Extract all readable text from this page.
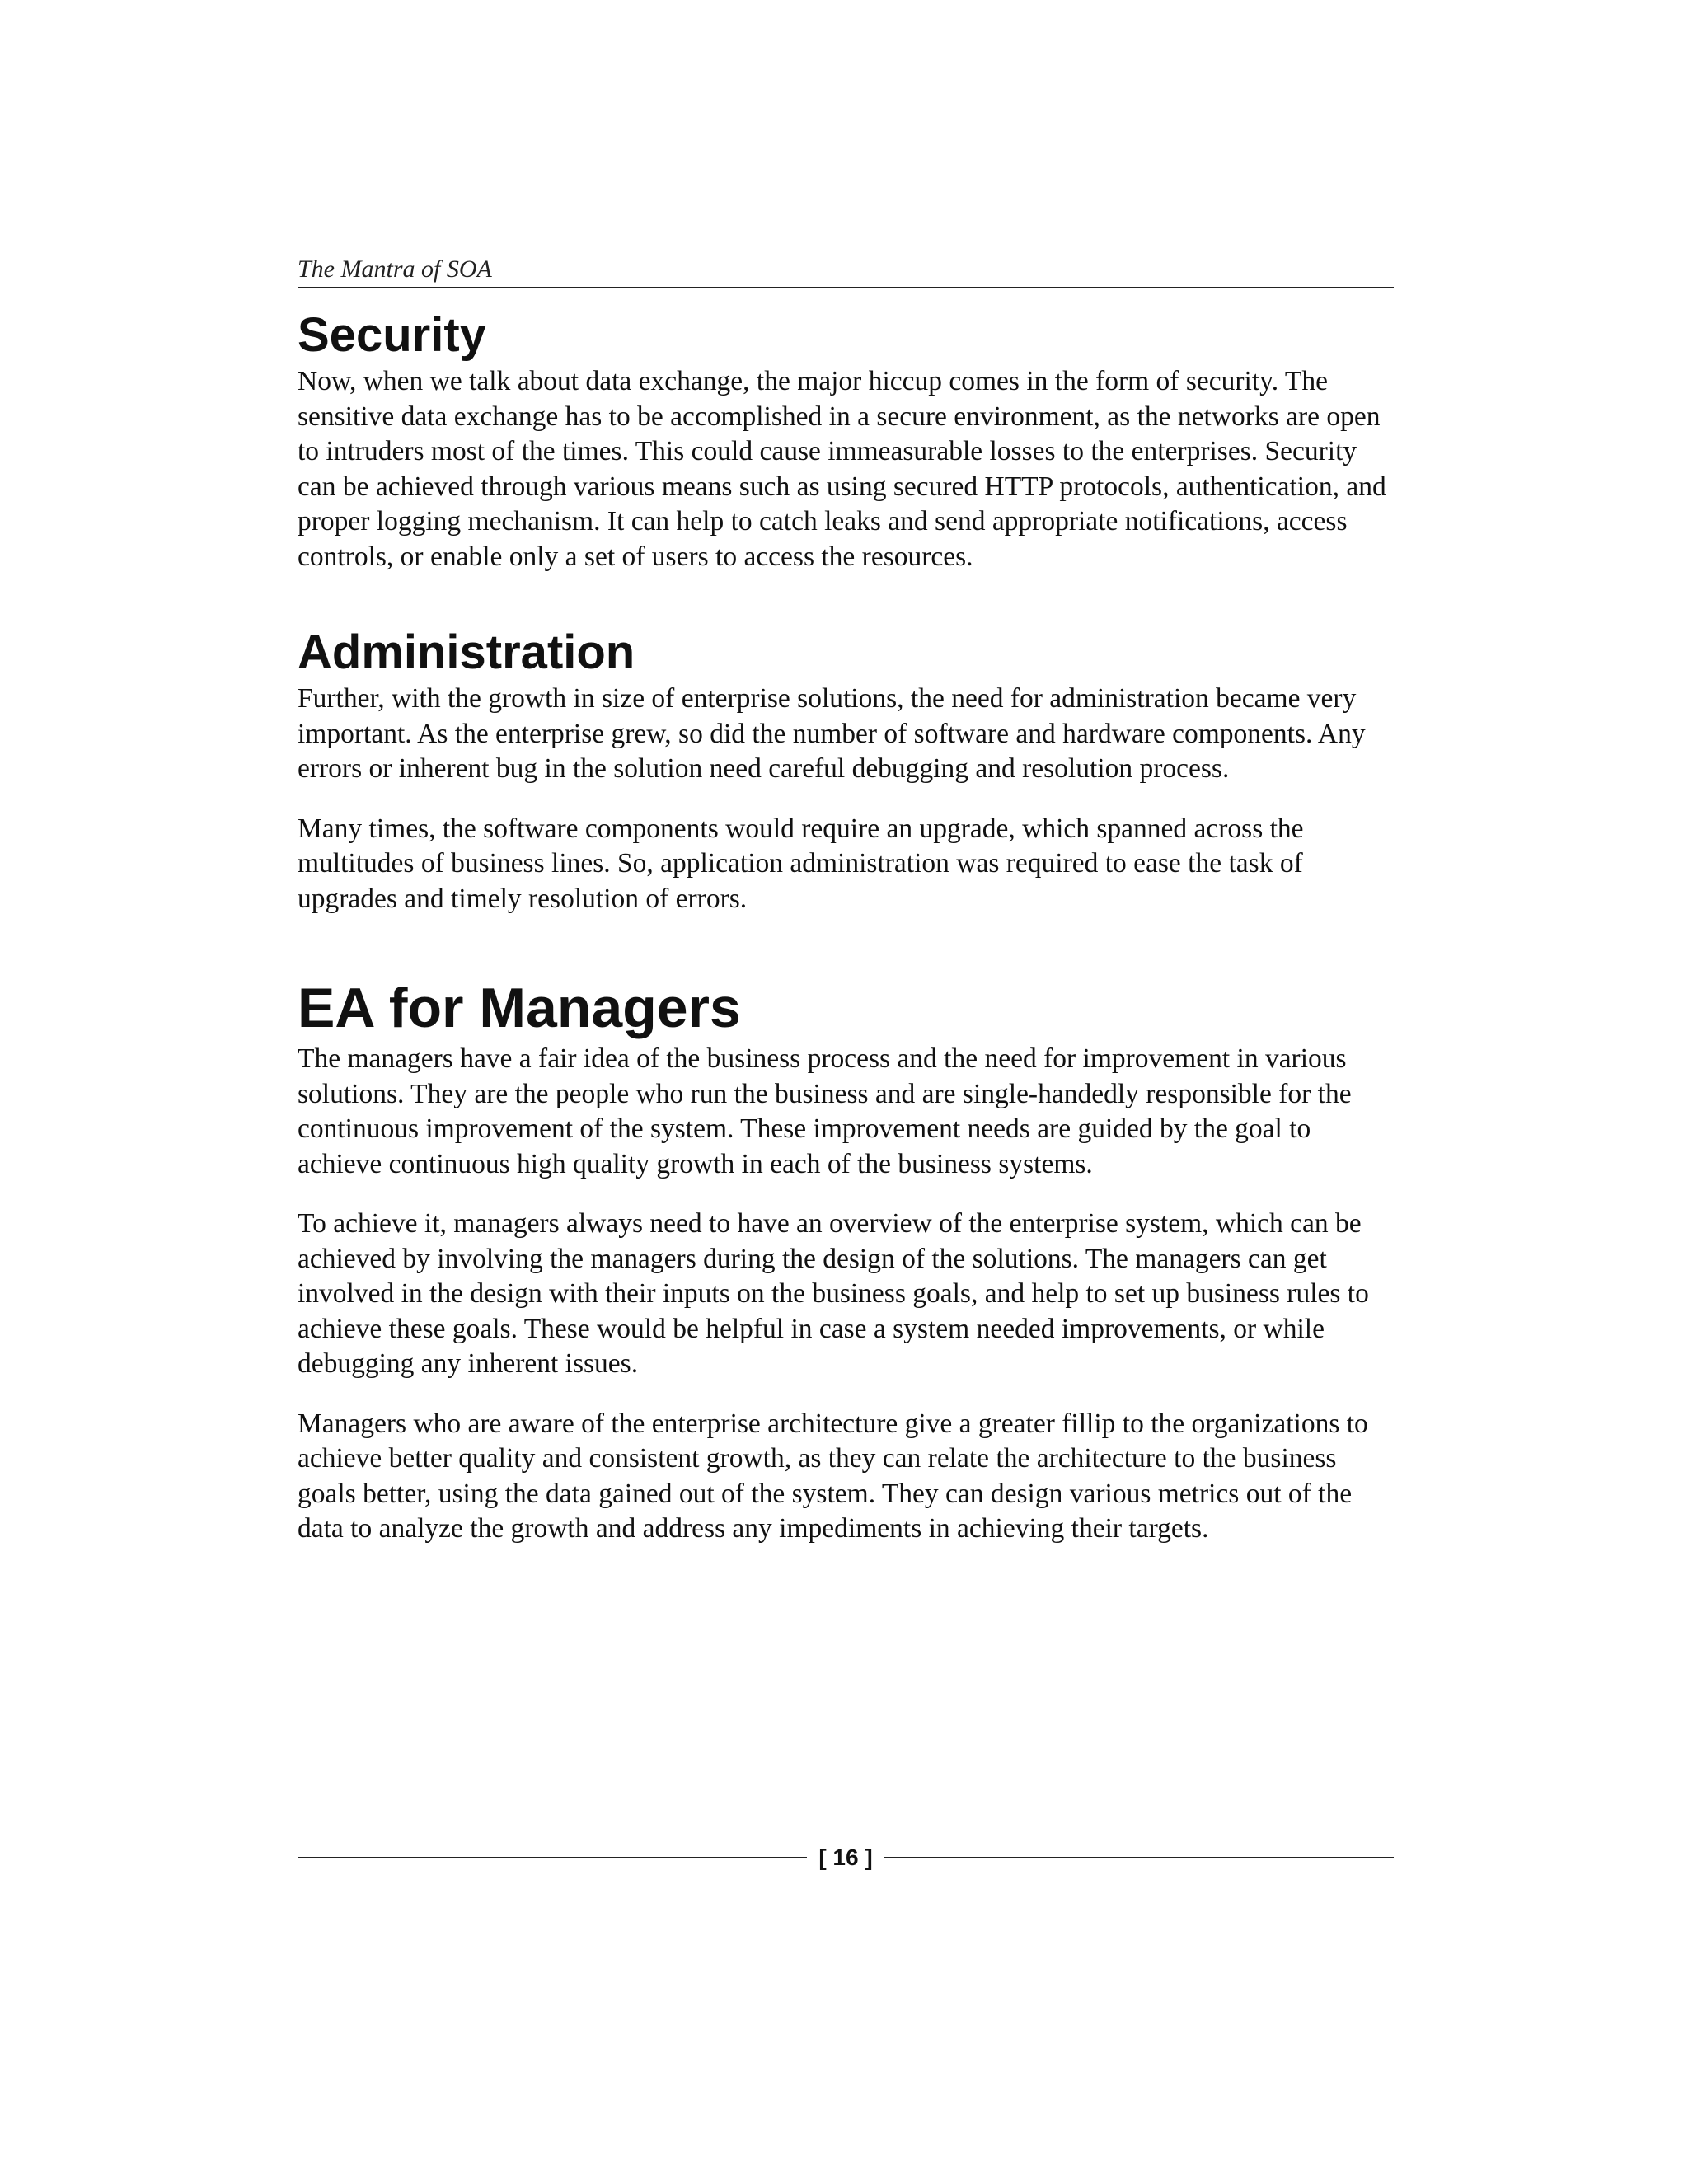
The Mantra of SOA
Security

Now, when we talk about data exchange, the major hiccup comes in the form of security. The sensitive data exchange has to be accomplished in a secure environment, as the networks are open to intruders most of the times. This could cause immeasurable losses to the enterprises. Security can be achieved through various means such as using secured HTTP protocols, authentication, and proper logging mechanism. It can help to catch leaks and send appropriate notifications, access controls, or enable only a set of users to access the resources.

Administration

Further, with the growth in size of enterprise solutions, the need for administration became very important. As the enterprise grew, so did the number of software and hardware components. Any errors or inherent bug in the solution need careful debugging and resolution process.

Many times, the software components would require an upgrade, which spanned across the multitudes of business lines. So, application administration was required to ease the task of upgrades and timely resolution of errors.

EA for Managers

The managers have a fair idea of the business process and the need for improvement in various solutions. They are the people who run the business and are single-handedly responsible for the continuous improvement of the system. These improvement needs are guided by the goal to achieve continuous high quality growth in each of the business systems.

To achieve it, managers always need to have an overview of the enterprise system, which can be achieved by involving the managers during the design of the solutions. The managers can get involved in the design with their inputs on the business goals, and help to set up business rules to achieve these goals. These would be helpful in case a system needed improvements, or while debugging any inherent issues.

Managers who are aware of the enterprise architecture give a greater fillip to the organizations to achieve better quality and consistent growth, as they can relate the architecture to the business goals better, using the data gained out of the system. They can design various metrics out of the data to analyze the growth and address any impediments in achieving their targets.

[ 16 ]
